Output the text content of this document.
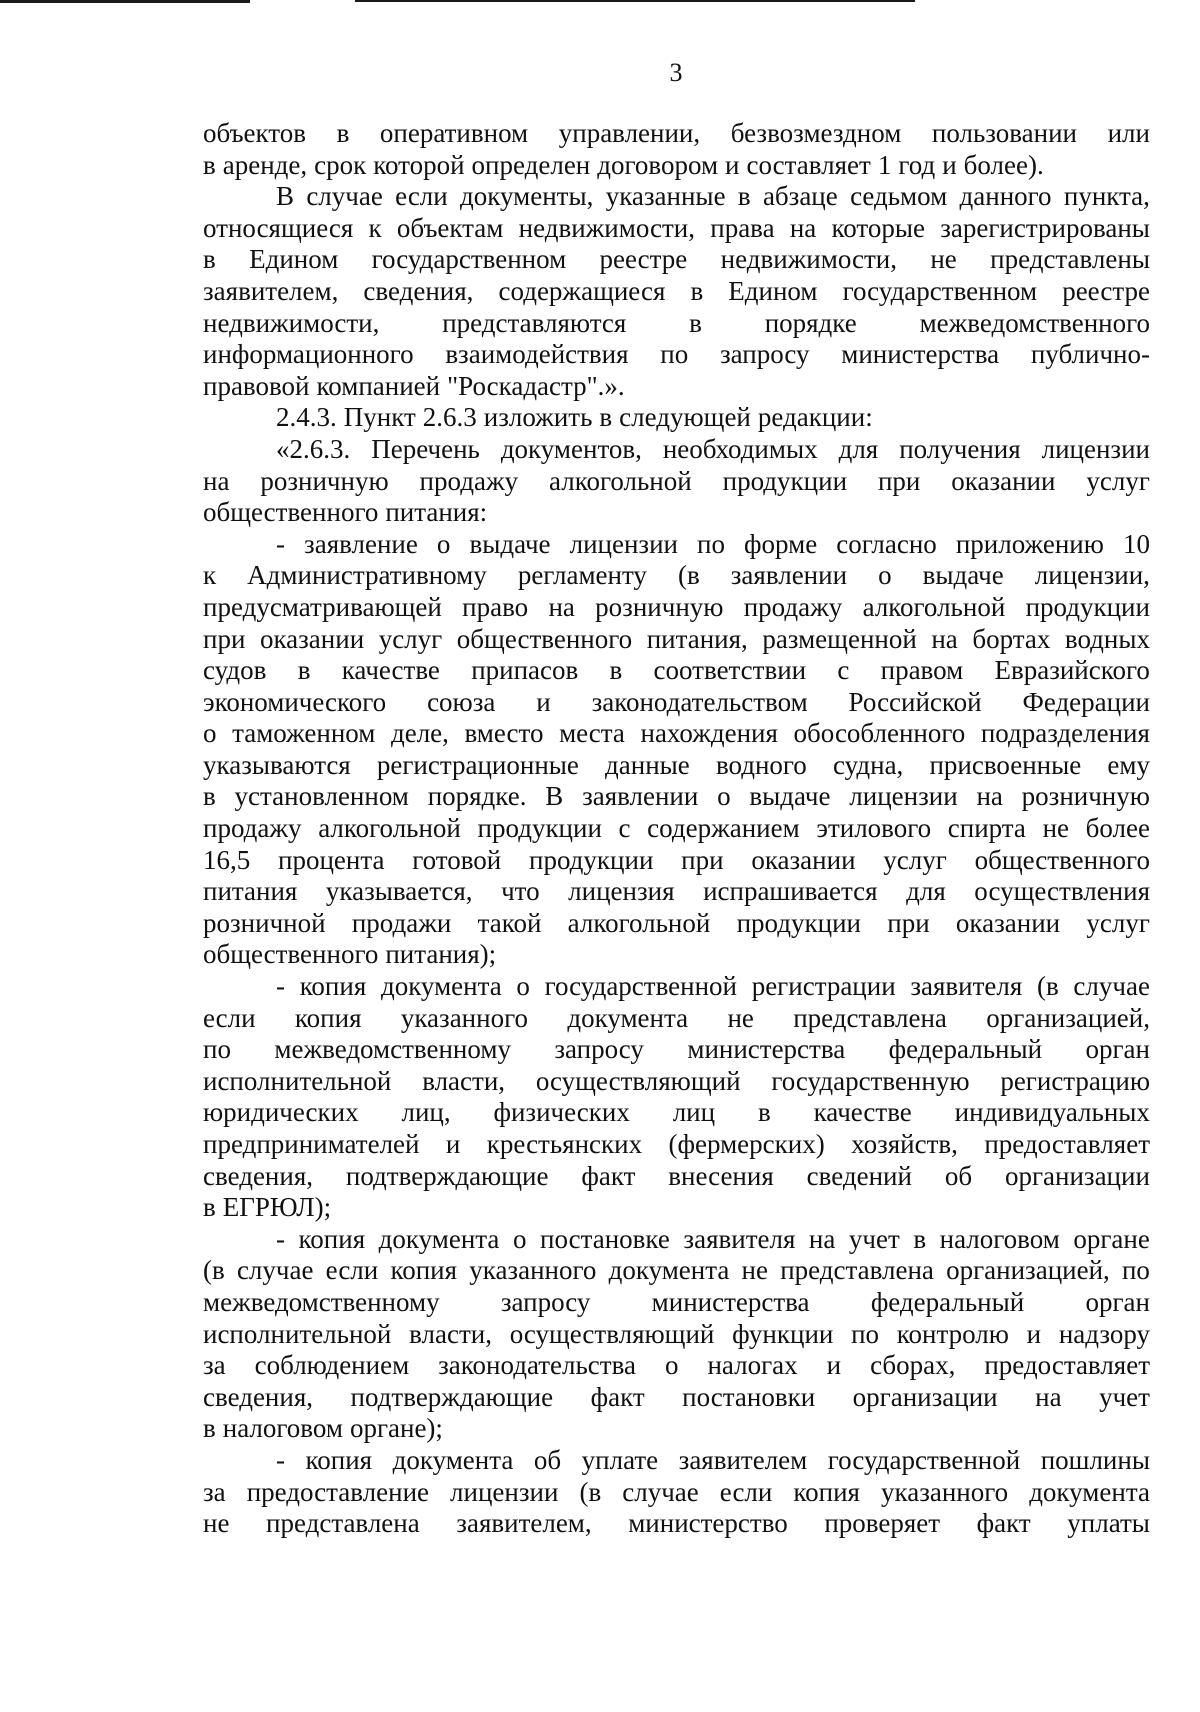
3
объектов в оперативном управлении, безвозмездном пользовании или
в аренде, срок которой определен договором и составляет 1 год и более).
В случае если документы, указанные в абзаце седьмом данного пункта,
относящиеся к объектам недвижимости, права на которые зарегистрированы
в Едином государственном реестре недвижимости, не представлены
заявителем, сведения, содержащиеся в Едином государственном реестре
недвижимости, представляются в порядке межведомственного
информационного взаимодействия по запросу министерства публично-
правовой компанией "Роскадастр".».
2.4.3. Пункт 2.6.3 изложить в следующей редакции:
«2.6.3. Перечень документов, необходимых для получения лицензии
на розничную продажу алкогольной продукции при оказании услуг
общественного питания:
- заявление о выдаче лицензии по форме согласно приложению 10
к Административному регламенту (в заявлении о выдаче лицензии,
предусматривающей право на розничную продажу алкогольной продукции
при оказании услуг общественного питания, размещенной на бортах водных
судов в качестве припасов в соответствии с правом Евразийского
экономического союза и законодательством Российской Федерации
о таможенном деле, вместо места нахождения обособленного подразделения
указываются регистрационные данные водного судна, присвоенные ему
в установленном порядке. В заявлении о выдаче лицензии на розничную
продажу алкогольной продукции с содержанием этилового спирта не более
16,5 процента готовой продукции при оказании услуг общественного
питания указывается, что лицензия испрашивается для осуществления
розничной продажи такой алкогольной продукции при оказании услуг
общественного питания);
- копия документа о государственной регистрации заявителя (в случае
если копия указанного документа не представлена организацией,
по межведомственному запросу министерства федеральный орган
исполнительной власти, осуществляющий государственную регистрацию
юридических лиц, физических лиц в качестве индивидуальных
предпринимателей и крестьянских (фермерских) хозяйств, предоставляет
сведения, подтверждающие факт внесения сведений об организации
в ЕГРЮЛ);
- копия документа о постановке заявителя на учет в налоговом органе
(в случае если копия указанного документа не представлена организацией, по
межведомственному запросу министерства федеральный орган
исполнительной власти, осуществляющий функции по контролю и надзору
за соблюдением законодательства о налогах и сборах, предоставляет
сведения, подтверждающие факт постановки организации на учет
в налоговом органе);
- копия документа об уплате заявителем государственной пошлины
за предоставление лицензии (в случае если копия указанного документа
не представлена заявителем, министерство проверяет факт уплаты
